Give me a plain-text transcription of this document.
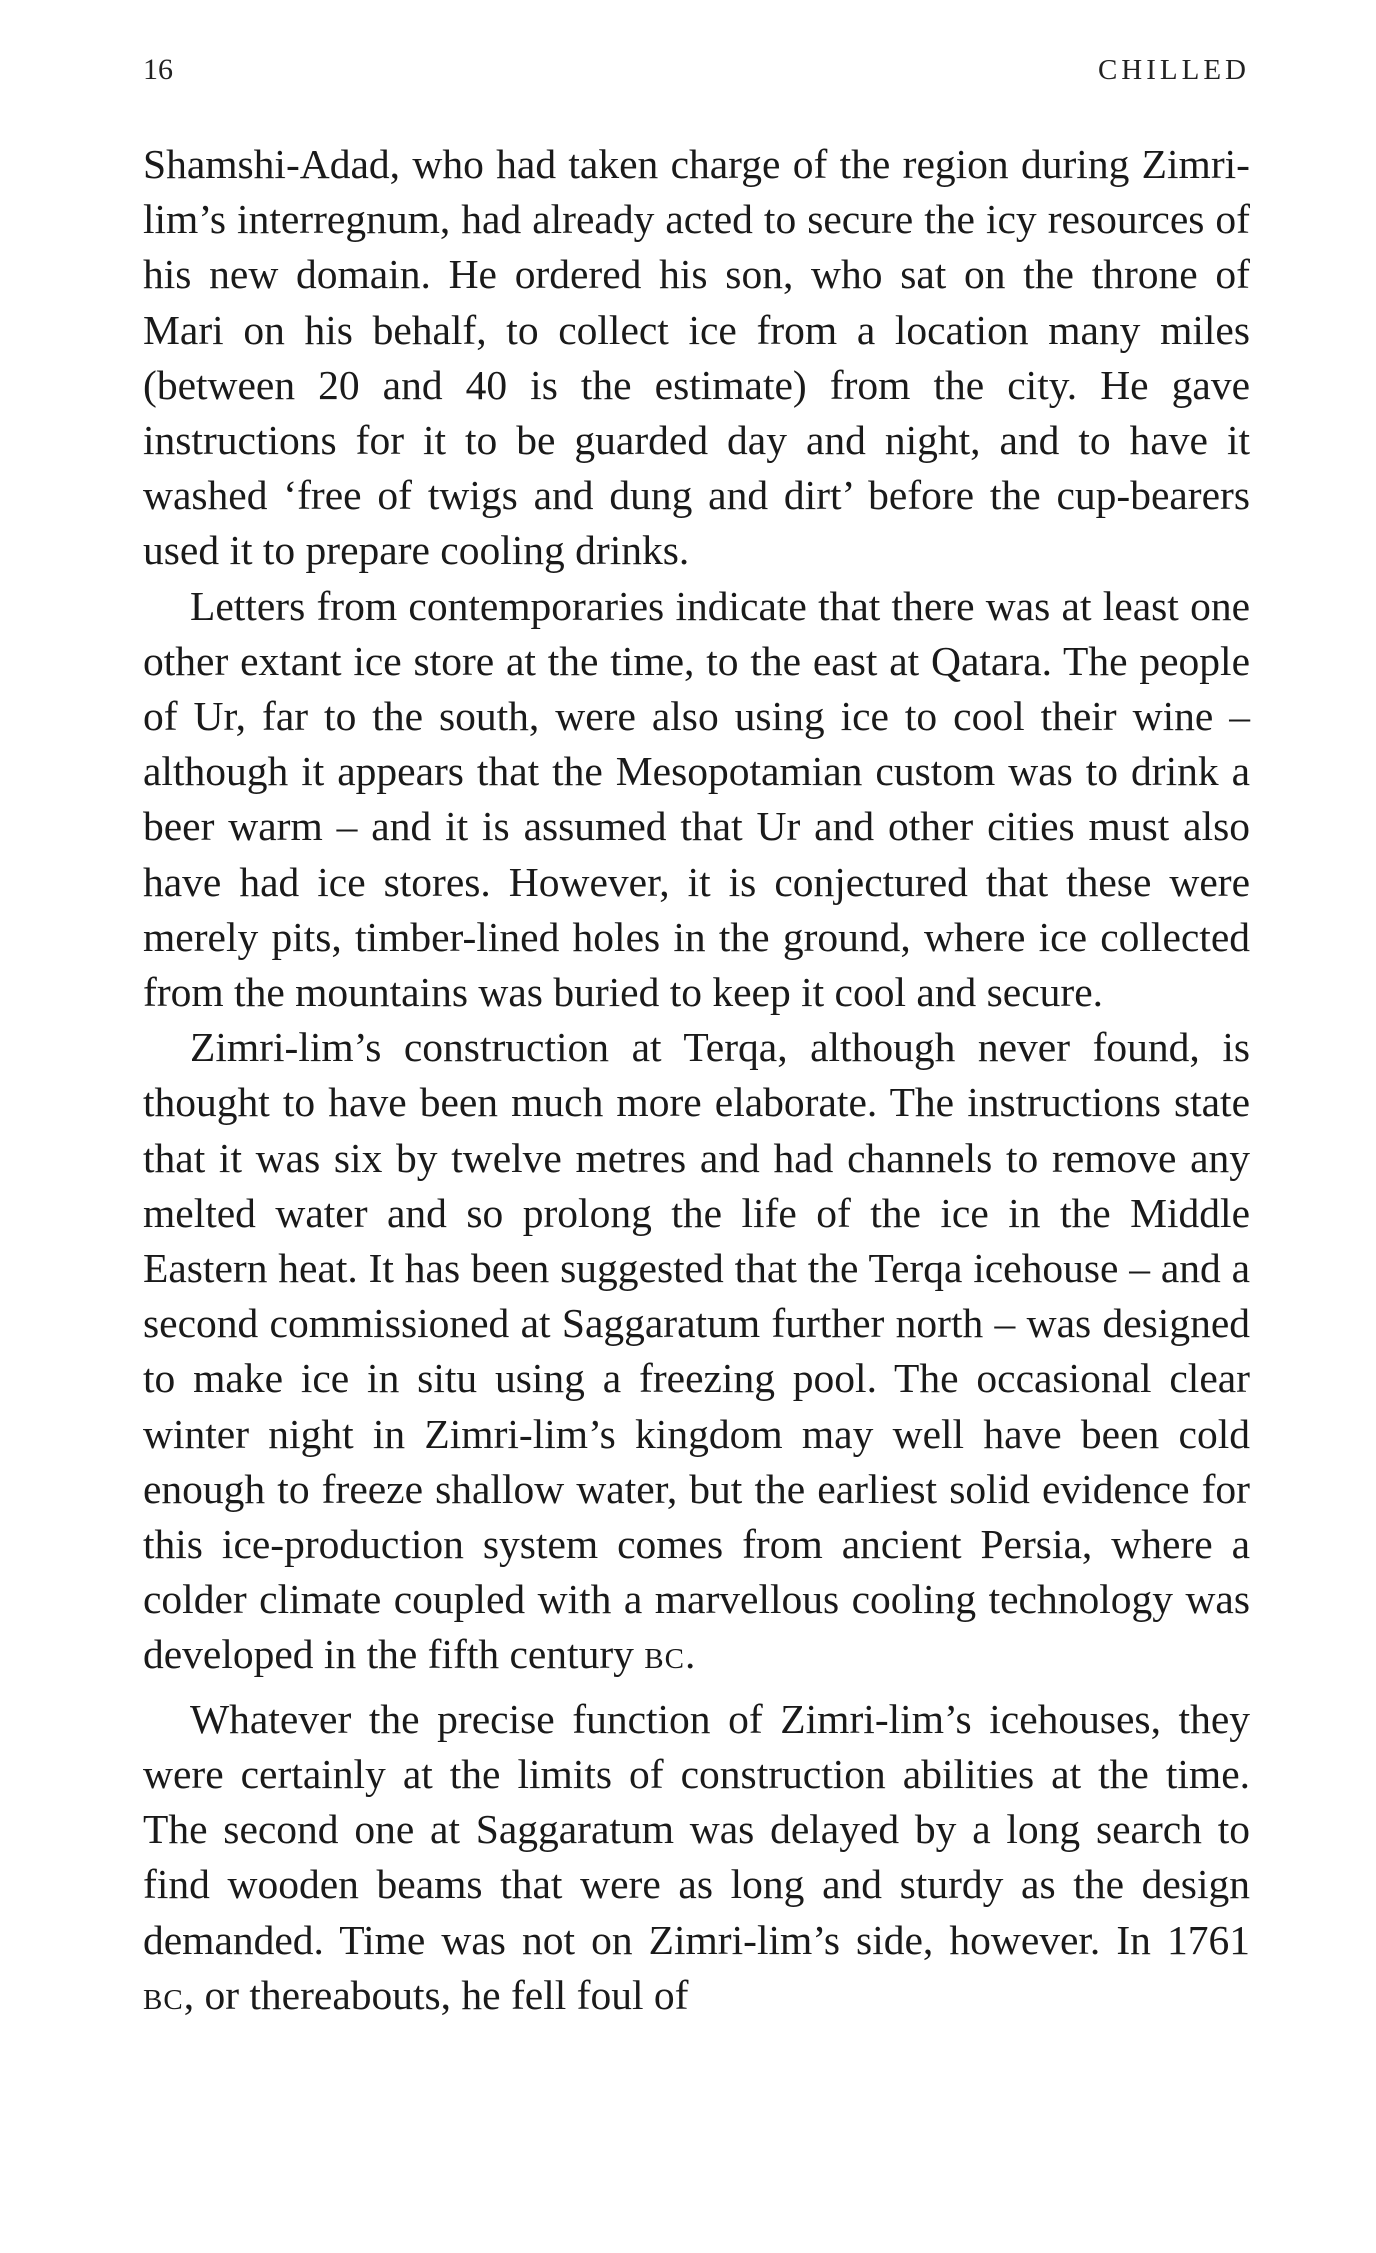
16	CHILLED

Shamshi-Adad, who had taken charge of the region during Zimri-lim’s interregnum, had already acted to secure the icy resources of his new domain. He ordered his son, who sat on the throne of Mari on his behalf, to collect ice from a location many miles (between 20 and 40 is the estimate) from the city. He gave instructions for it to be guarded day and night, and to have it washed ‘free of twigs and dung and dirt’ before the cup-bearers used it to prepare cooling drinks.

Letters from contemporaries indicate that there was at least one other extant ice store at the time, to the east at Qatara. The people of Ur, far to the south, were also using ice to cool their wine – although it appears that the Mesopotamian custom was to drink a beer warm – and it is assumed that Ur and other cities must also have had ice stores. However, it is conjectured that these were merely pits, timber-lined holes in the ground, where ice collected from the mountains was buried to keep it cool and secure.

Zimri-lim’s construction at Terqa, although never found, is thought to have been much more elaborate. The instructions state that it was six by twelve metres and had channels to remove any melted water and so prolong the life of the ice in the Middle Eastern heat. It has been suggested that the Terqa icehouse – and a second commissioned at Saggaratum further north – was designed to make ice in situ using a freezing pool. The occasional clear winter night in Zimri-lim’s kingdom may well have been cold enough to freeze shallow water, but the earliest solid evidence for this ice-production system comes from ancient Persia, where a colder climate coupled with a marvellous cooling technology was developed in the fifth century BC.

Whatever the precise function of Zimri-lim’s icehouses, they were certainly at the limits of construction abilities at the time. The second one at Saggaratum was delayed by a long search to find wooden beams that were as long and sturdy as the design demanded. Time was not on Zimri-lim’s side, however. In 1761 BC, or thereabouts, he fell foul of
